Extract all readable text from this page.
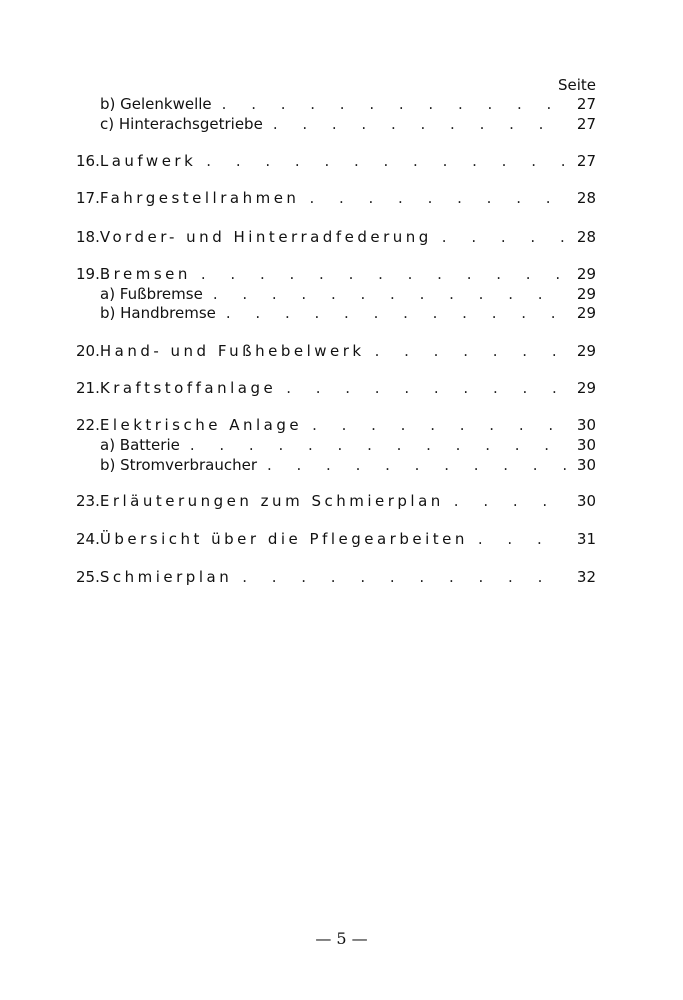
Seite
b) Gelenkwelle . . .	27
c) Hinterachsgetriebe . . .	27
16. Laufwerk . . .	27
17. Fahrgestellrahmen . . .	28
18. Vorder- und Hinterradfederung . . .	28
19. Bremsen . . .	29
a) Fußbremse . . .	29
b) Handbremse . . .	29
20. Hand- und Fußhebelwerk . . .	29
21. Kraftstoffanlage . . .	29
22. Elektrische Anlage . . .	30
a) Batterie . . .	30
b) Stromverbraucher . . .	30
23. Erläuterungen zum Schmierplan . . .	30
24. Übersicht über die Pflegearbeiten . . .	31
25. Schmierplan . . .	32
— 5 —
